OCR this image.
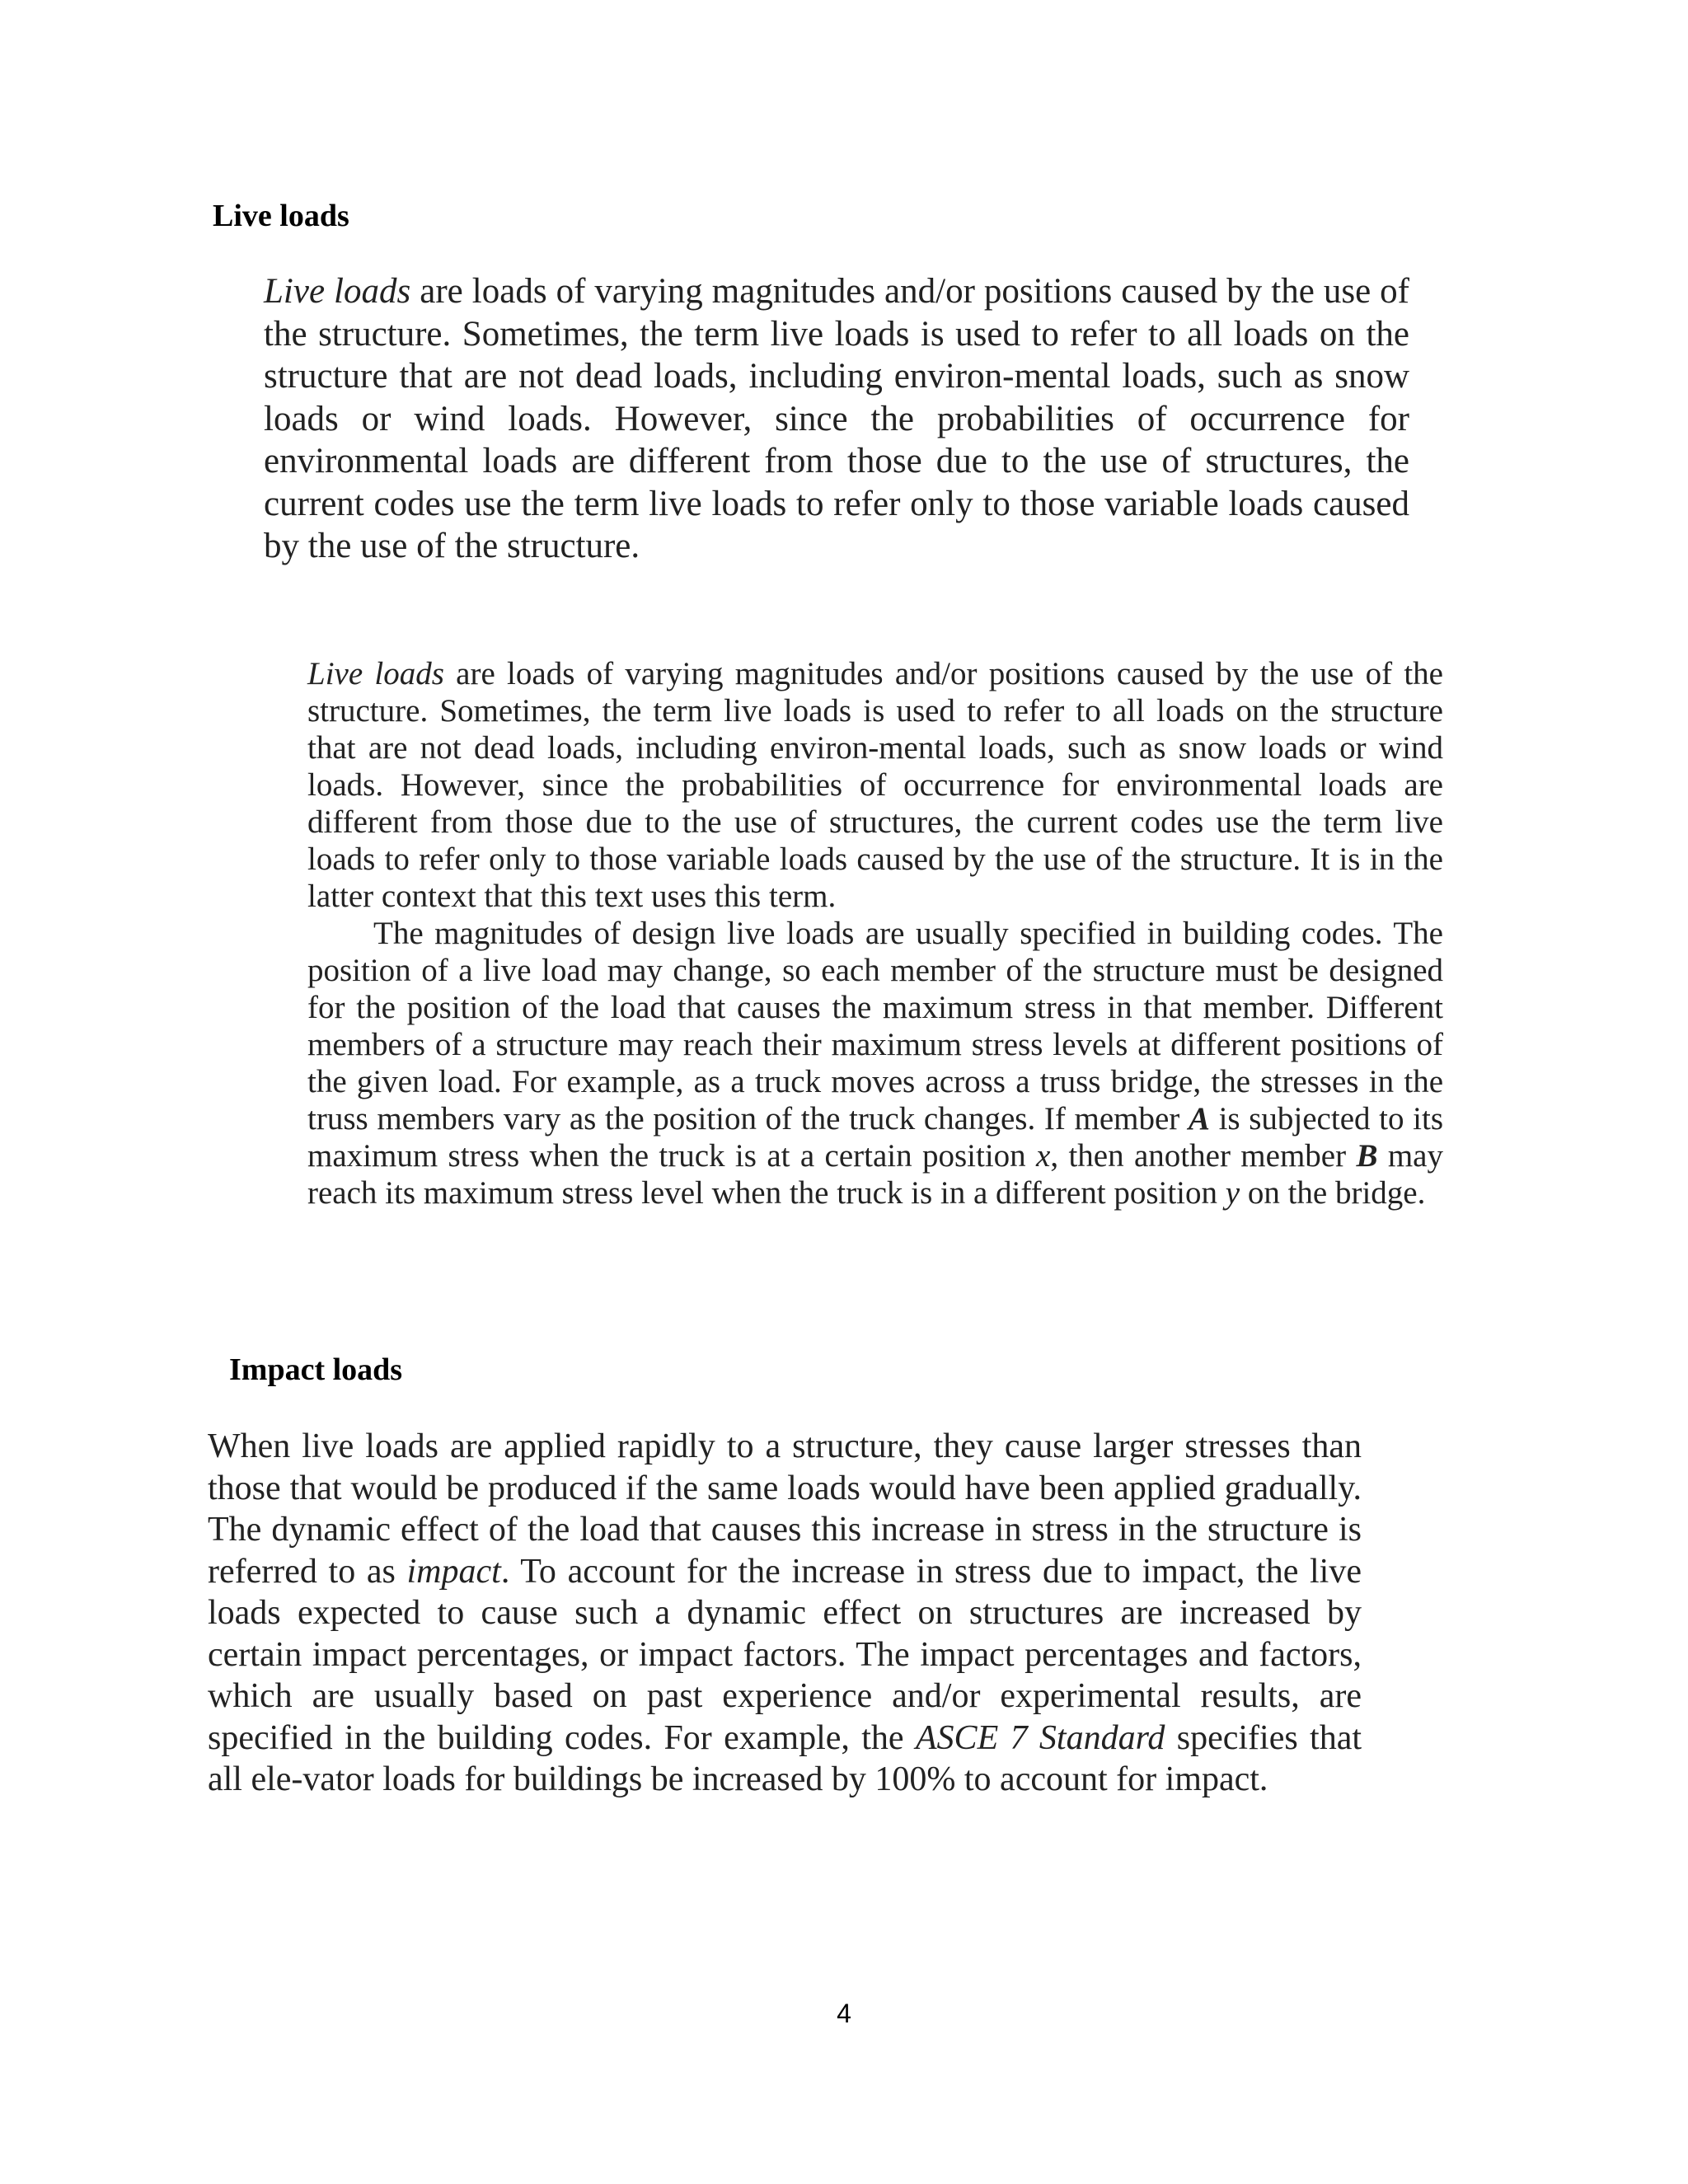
Live loads

Live loads are loads of varying magnitudes and/or positions caused by the use of the structure. Sometimes, the term live loads is used to refer to all loads on the structure that are not dead loads, including environ-mental loads, such as snow loads or wind loads. However, since the probabilities of occurrence for environmental loads are different from those due to the use of structures, the current codes use the term live loads to refer only to those variable loads caused by the use of the structure.

Live loads are loads of varying magnitudes and/or positions caused by the use of the structure. Sometimes, the term live loads is used to refer to all loads on the structure that are not dead loads, including environ-mental loads, such as snow loads or wind loads. However, since the probabilities of occurrence for environmental loads are different from those due to the use of structures, the current codes use the term live loads to refer only to those variable loads caused by the use of the structure. It is in the latter context that this text uses this term.

The magnitudes of design live loads are usually specified in building codes. The position of a live load may change, so each member of the structure must be designed for the position of the load that causes the maximum stress in that member. Different members of a structure may reach their maximum stress levels at different positions of the given load. For example, as a truck moves across a truss bridge, the stresses in the truss members vary as the position of the truck changes. If member A is subjected to its maximum stress when the truck is at a certain position x, then another member B may reach its maximum stress level when the truck is in a different position y on the bridge.

Impact loads

When live loads are applied rapidly to a structure, they cause larger stresses than those that would be produced if the same loads would have been applied gradually. The dynamic effect of the load that causes this increase in stress in the structure is referred to as impact. To account for the increase in stress due to impact, the live loads expected to cause such a dynamic effect on structures are increased by certain impact percentages, or impact factors. The impact percentages and factors, which are usually based on past experience and/or experimental results, are specified in the building codes. For example, the ASCE 7 Standard specifies that all ele-vator loads for buildings be increased by 100% to account for impact.

4
